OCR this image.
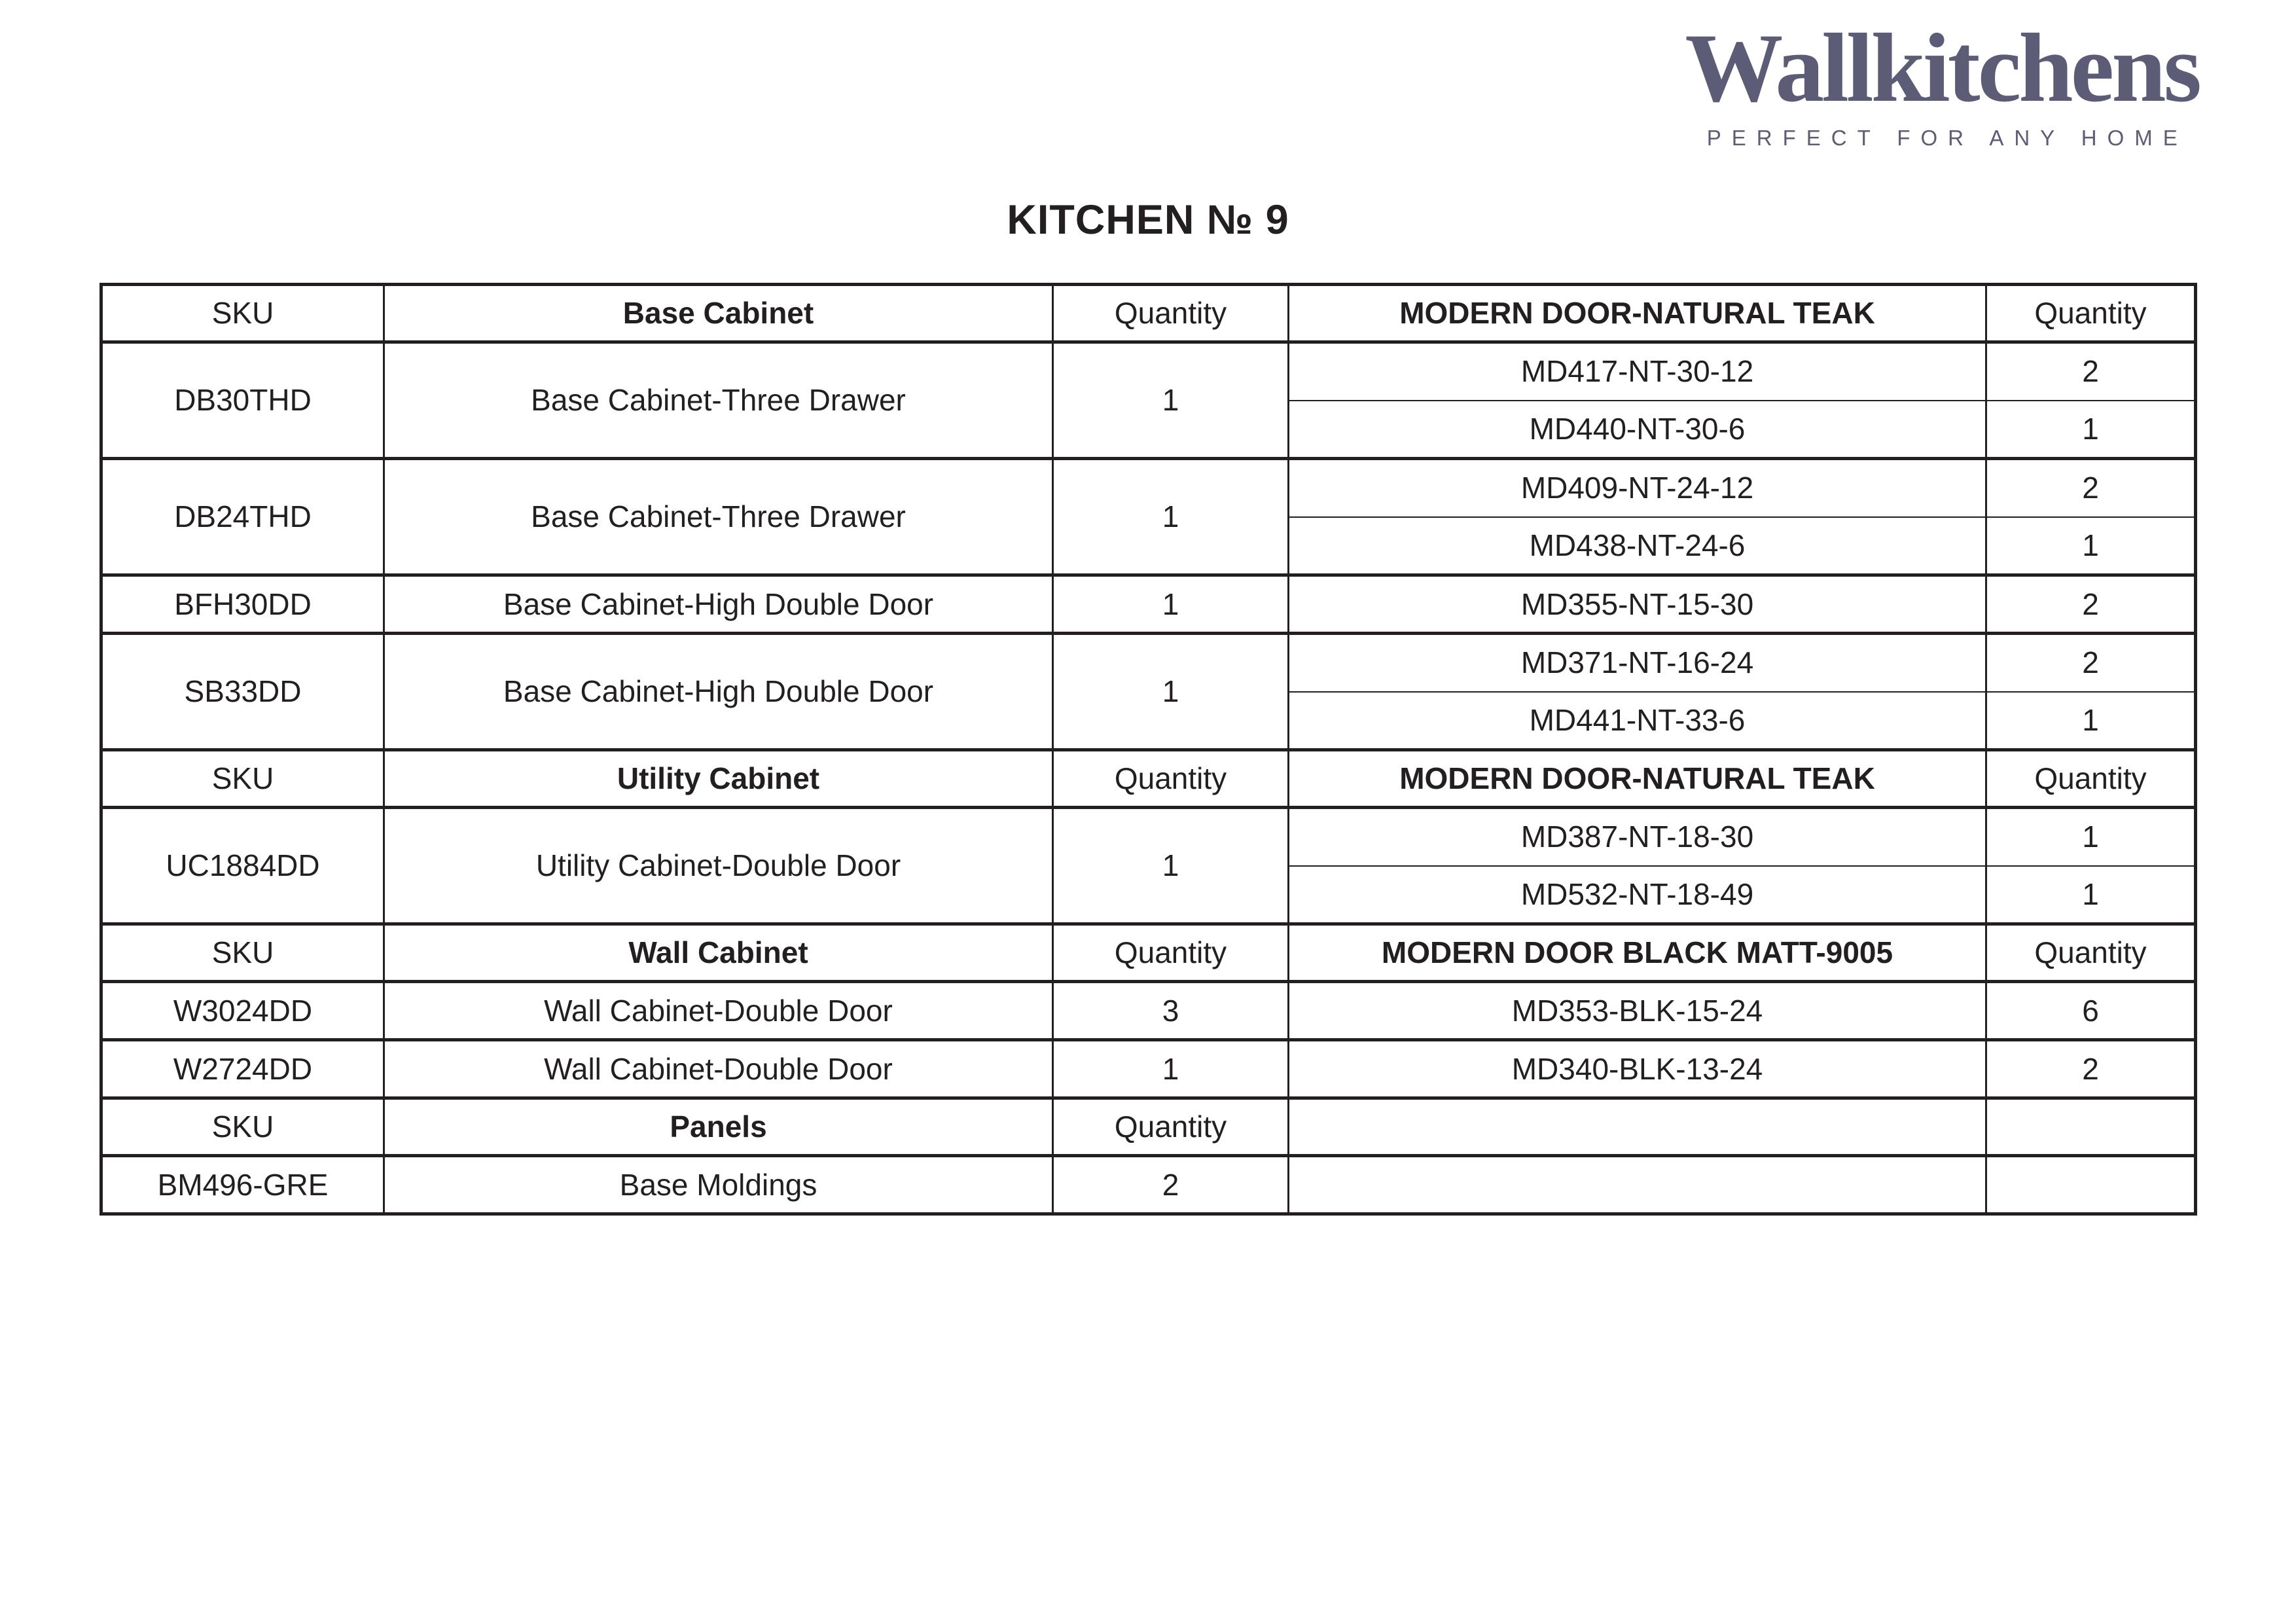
Wallkitchens
PERFECT FOR ANY HOME
KITCHEN № 9
SKU	Base Cabinet	Quantity	MODERN DOOR-NATURAL TEAK	Quantity
DB30THD	Base Cabinet-Three Drawer	1	MD417-NT-30-12	2
			MD440-NT-30-6	1
DB24THD	Base Cabinet-Three Drawer	1	MD409-NT-24-12	2
			MD438-NT-24-6	1
BFH30DD	Base Cabinet-High Double Door	1	MD355-NT-15-30	2
SB33DD	Base Cabinet-High Double Door	1	MD371-NT-16-24	2
			MD441-NT-33-6	1
SKU	Utility Cabinet	Quantity	MODERN DOOR-NATURAL TEAK	Quantity
UC1884DD	Utility Cabinet-Double Door	1	MD387-NT-18-30	1
			MD532-NT-18-49	1
SKU	Wall Cabinet	Quantity	MODERN DOOR BLACK MATT-9005	Quantity
W3024DD	Wall Cabinet-Double Door	3	MD353-BLK-15-24	6
W2724DD	Wall Cabinet-Double Door	1	MD340-BLK-13-24	2
SKU	Panels	Quantity		
BM496-GRE	Base Moldings	2		
